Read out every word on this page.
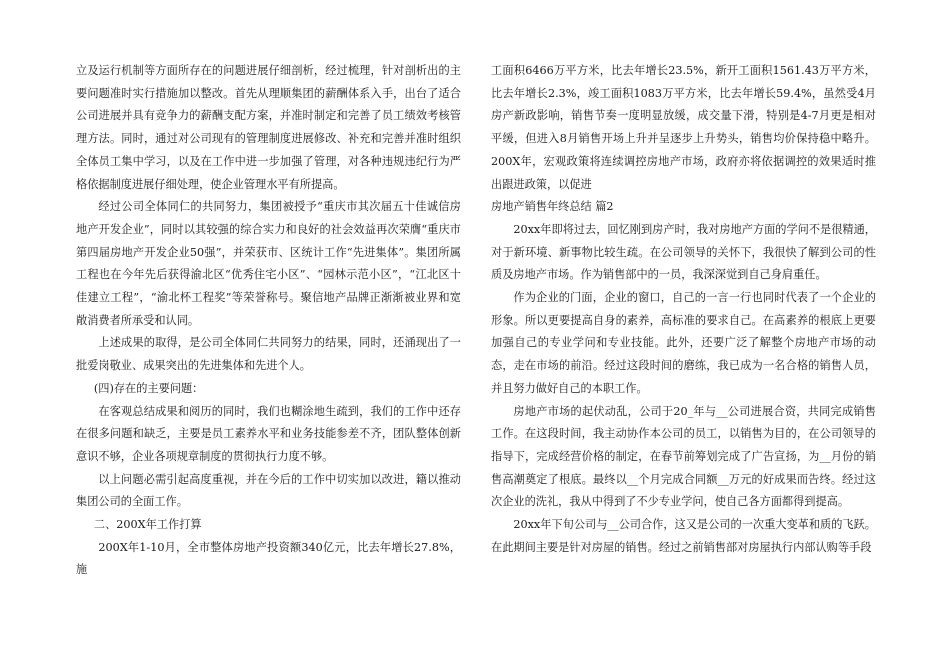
立及运行机制等方面所存在的问题进展仔细剖析，经过梳理，针对剖析出的主要问题准时实行措施加以整改。首先从理顺集团的薪酬体系入手，出台了适合公司进展并具有竞争力的薪酬支配方案，并准时制定和完善了员工绩效考核管理方法。同时，通过对公司现有的管理制度进展修改、补充和完善并准时组织全体员工集中学习，以及在工作中进一步加强了管理，对各种违规违纪行为严格依据制度进展仔细处理，使企业管理水平有所提高。

经过公司全体同仁的共同努力，集团被授予“重庆市其次届五十佳诚信房地产开发企业”，同时以其较强的综合实力和良好的社会效益再次荣膺“重庆市第四届房地产开发企业50强”，并荣获市、区统计工作“先进集体”。集团所属工程也在今年先后获得渝北区“优秀住宅小区”、“园林示范小区”，“江北区十佳建立工程”，“渝北杯工程奖”等荣誉称号。聚信地产品牌正渐渐被业界和宽敞消费者所承受和认同。

上述成果的取得，是公司全体同仁共同努力的结果，同时，还涌现出了一批爱岗敬业、成果突出的先进集体和先进个人。

(四)存在的主要问题：

在客观总结成果和阅历的同时，我们也糊涂地生疏到，我们的工作中还存在很多问题和缺乏，主要是员工素养水平和业务技能参差不齐，团队整体创新意识不够，企业各项规章制度的贯彻执行力度不够。

以上问题必需引起高度重视，并在今后的工作中切实加以改进，籍以推动集团公司的全面工作。

二、200X年工作打算

200X年1-10月，全市整体房地产投资额340亿元，比去年增长27.8%，施

工面积6466万平方米，比去年增长23.5%，新开工面积1561.43万平方米，比去年增长2.3%，竣工面积1083万平方米，比去年增长59.4%，虽然受4月房产新政影响，销售节奏一度明显放缓，成交量下滑，特别是4-7月更是相对平缓，但进入8月销售开场上升并呈逐步上升势头，销售均价保持稳中略升。200X年，宏观政策将连续调控房地产市场，政府亦将依据调控的效果适时推出跟进政策，以促进

房地产销售年终总结 篇2

20xx年即将过去，回忆刚到房产时，我对房地产方面的学问不是很精通，对于新环境、新事物比较生疏。在公司领导的关怀下，我很快了解到公司的性质及房地产市场。作为销售部中的一员，我深深觉到自己身肩重任。

作为企业的门面，企业的窗口，自己的一言一行也同时代表了一个企业的形象。所以更要提高自身的素养，高标准的要求自己。在高素养的根底上更要加强自己的专业学问和专业技能。此外，还要广泛了解整个房地产市场的动态，走在市场的前沿。经过这段时间的磨练，我已成为一名合格的销售人员，并且努力做好自己的本职工作。

房地产市场的起伏动乱，公司于20_年与__公司进展合资，共同完成销售工作。在这段时间，我主动协作本公司的员工，以销售为目的，在公司领导的指导下，完成经营价格的制定，在春节前筹划完成了广告宣扬，为__月份的销售高潮奠定了根底。最终以__个月完成合同额__万元的好成果而告终。经过这次企业的洗礼，我从中得到了不少专业学问，使自己各方面都得到提高。

20xx年下旬公司与__公司合作，这又是公司的一次重大变革和质的飞跃。在此期间主要是针对房屋的销售。经过之前销售部对房屋执行内部认购等手段
